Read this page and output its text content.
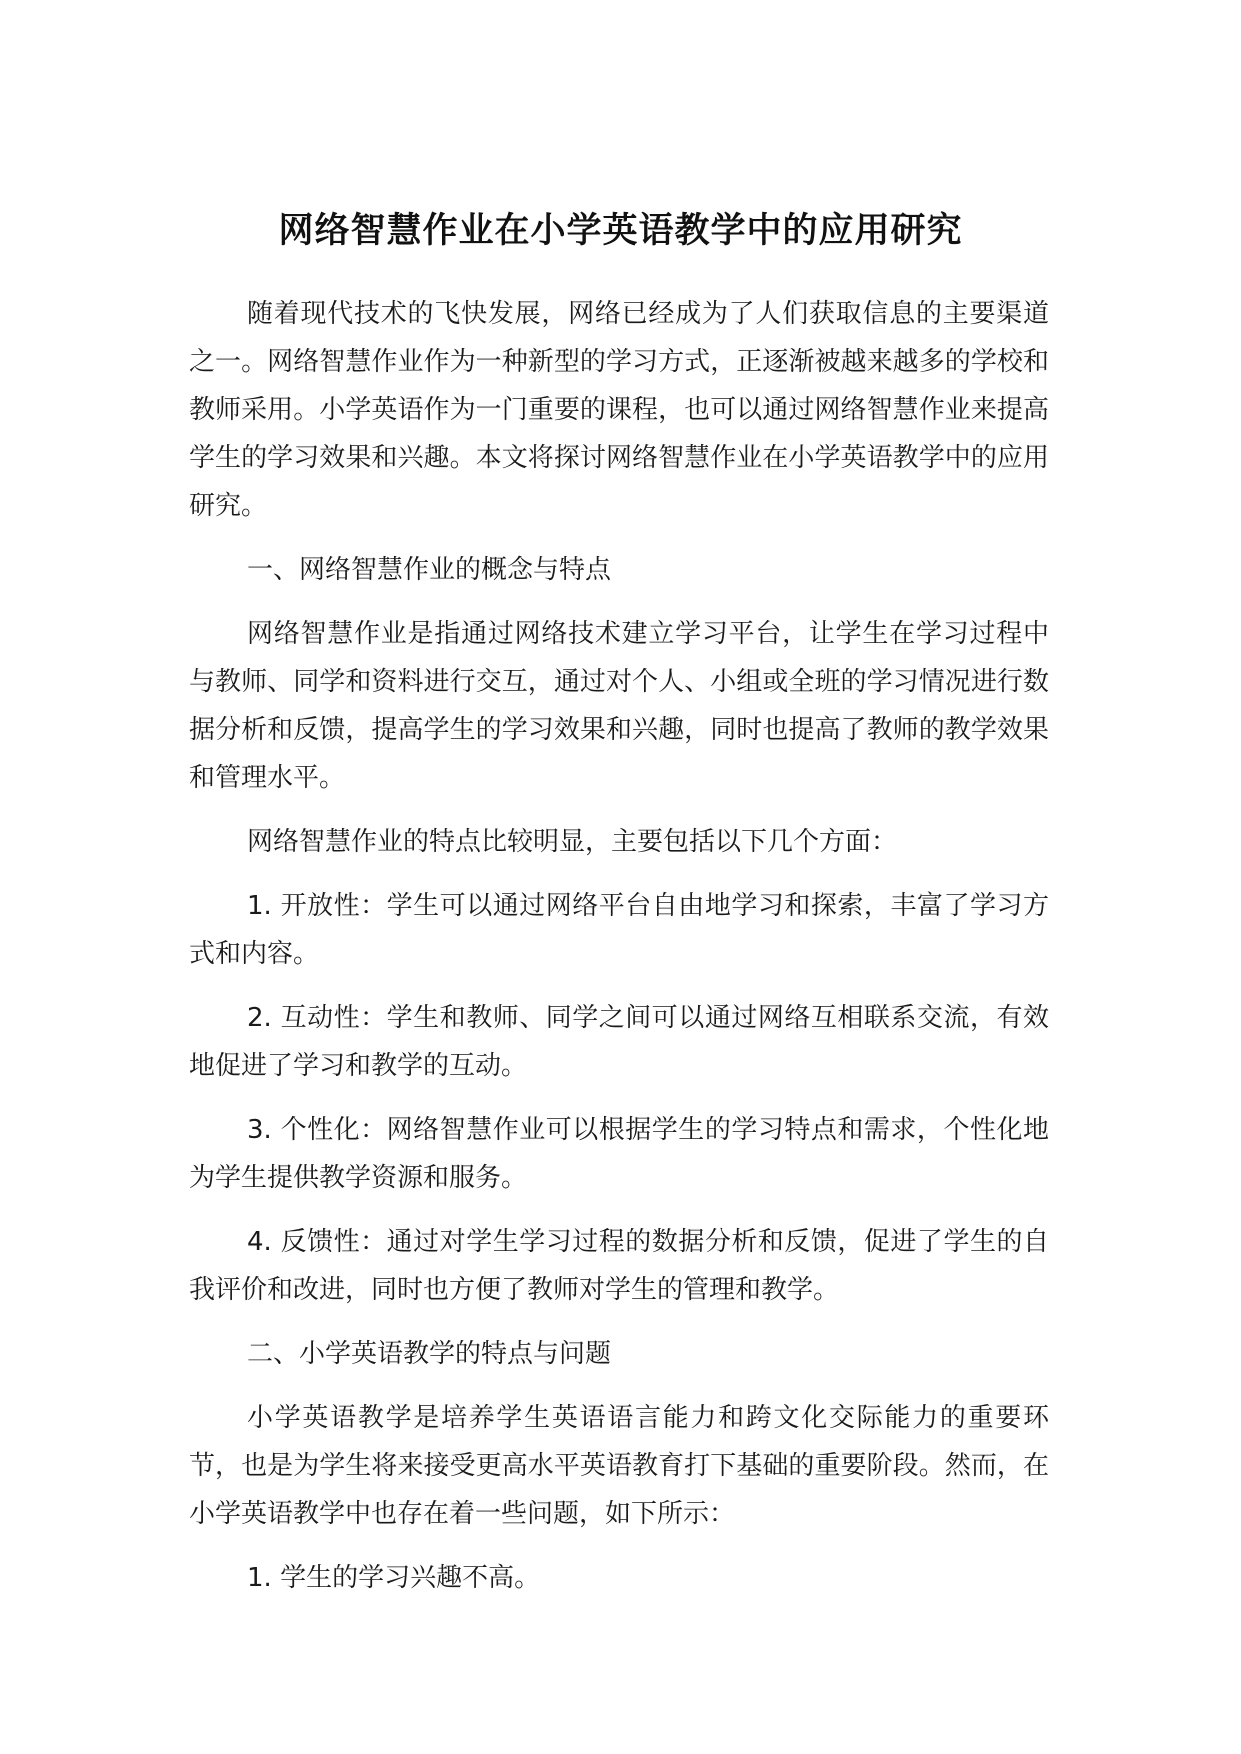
网络智慧作业在小学英语教学中的应用研究

随着现代技术的飞快发展，网络已经成为了人们获取信息的主要渠道之一。网络智慧作业作为一种新型的学习方式，正逐渐被越来越多的学校和教师采用。小学英语作为一门重要的课程，也可以通过网络智慧作业来提高学生的学习效果和兴趣。本文将探讨网络智慧作业在小学英语教学中的应用研究。

一、网络智慧作业的概念与特点

网络智慧作业是指通过网络技术建立学习平台，让学生在学习过程中与教师、同学和资料进行交互，通过对个人、小组或全班的学习情况进行数据分析和反馈，提高学生的学习效果和兴趣，同时也提高了教师的教学效果和管理水平。

网络智慧作业的特点比较明显，主要包括以下几个方面：

1. 开放性：学生可以通过网络平台自由地学习和探索，丰富了学习方式和内容。

2. 互动性：学生和教师、同学之间可以通过网络互相联系交流，有效地促进了学习和教学的互动。

3. 个性化：网络智慧作业可以根据学生的学习特点和需求，个性化地为学生提供教学资源和服务。

4. 反馈性：通过对学生学习过程的数据分析和反馈，促进了学生的自我评价和改进，同时也方便了教师对学生的管理和教学。

二、小学英语教学的特点与问题

小学英语教学是培养学生英语语言能力和跨文化交际能力的重要环节，也是为学生将来接受更高水平英语教育打下基础的重要阶段。然而，在小学英语教学中也存在着一些问题，如下所示：

1. 学生的学习兴趣不高。
